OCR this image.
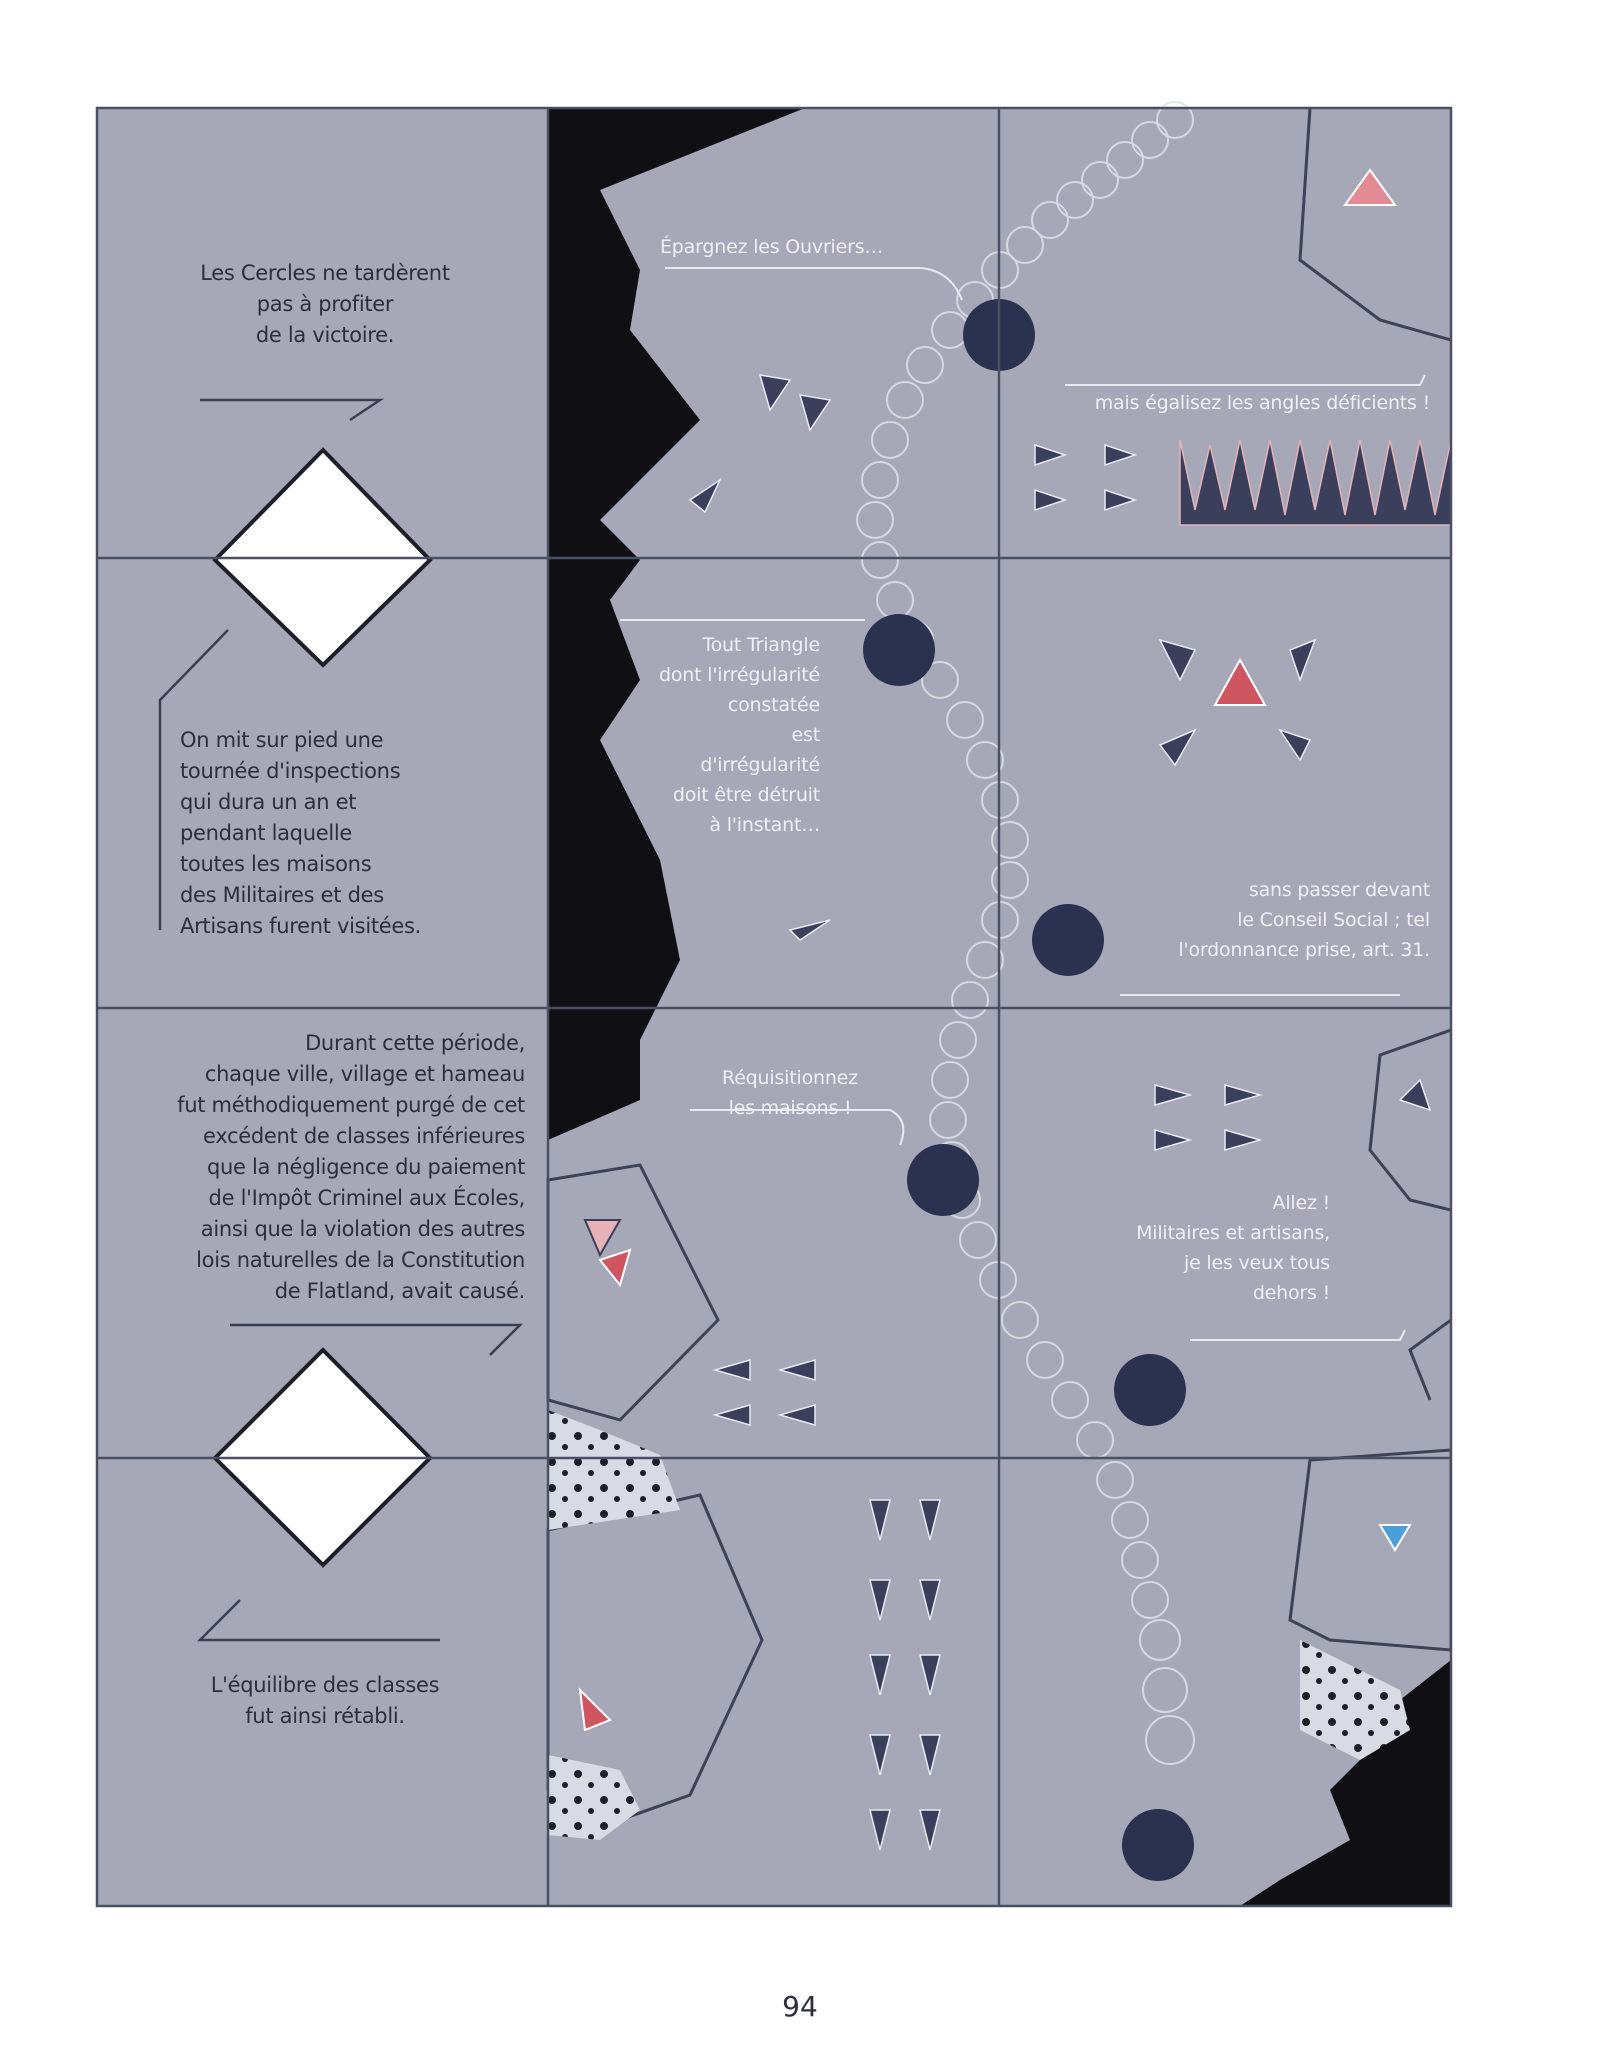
Les Cercles ne tardèrent
pas à profiter
de la victoire.
On mit sur pied une
tournée d'inspections
qui dura un an et
pendant laquelle
toutes les maisons
des Militaires et des
Artisans furent visitées.
Durant cette période,
chaque ville, village et hameau
fut méthodiquement purgé de cet
excédent de classes inférieures
que la négligence du paiement
de l'Impôt Criminel aux Écoles,
ainsi que la violation des autres
lois naturelles de la Constitution
de Flatland, avait causé.
L'équilibre des classes
fut ainsi rétabli.
Épargnez les Ouvriers…
mais égalisez les angles déficients !
Tout Triangle
dont l'irrégularité
constatée
est
d'irrégularité
doit être détruit
à l'instant…
sans passer devant
le Conseil Social ; tel
l'ordonnance prise, art. 31.
Réquisitionnez
les maisons !
Allez !
Militaires et artisans,
je les veux tous
dehors !
94
